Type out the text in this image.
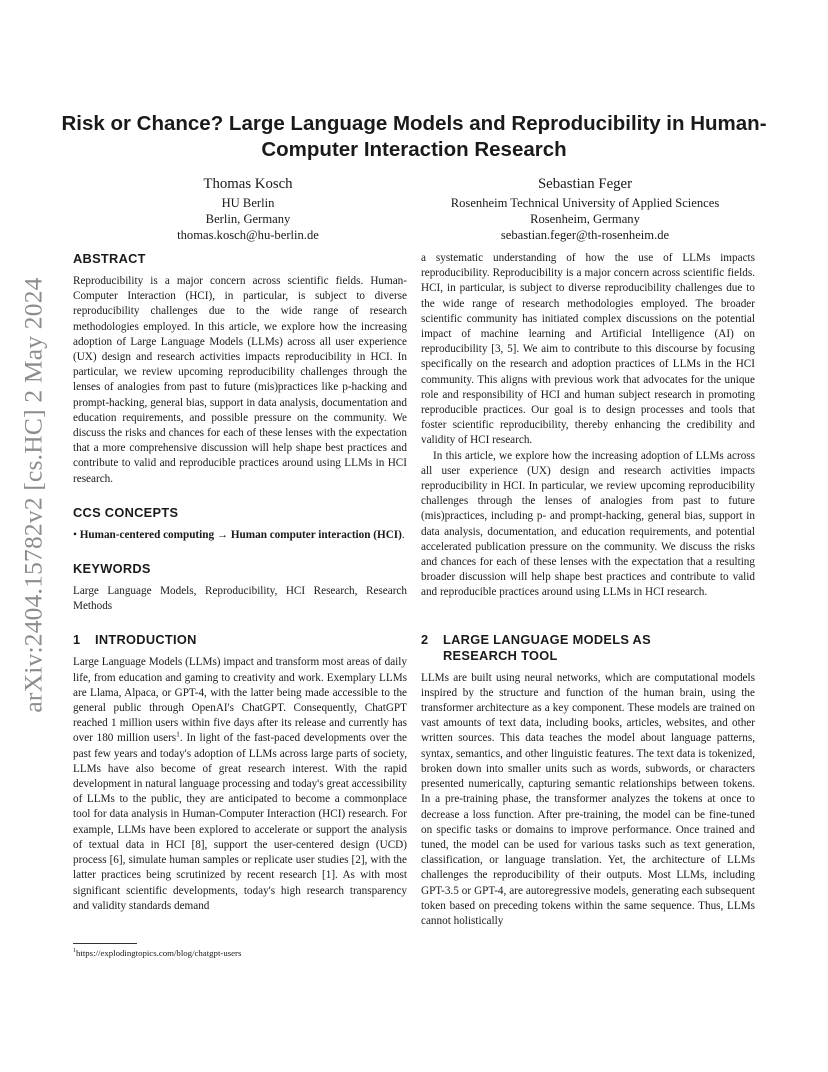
arXiv:2404.15782v2 [cs.HC] 2 May 2024
Risk or Chance? Large Language Models and Reproducibility in Human-Computer Interaction Research
Thomas Kosch
HU Berlin
Berlin, Germany
thomas.kosch@hu-berlin.de
Sebastian Feger
Rosenheim Technical University of Applied Sciences
Rosenheim, Germany
sebastian.feger@th-rosenheim.de
ABSTRACT

Reproducibility is a major concern across scientific fields. Human-Computer Interaction (HCI), in particular, is subject to diverse reproducibility challenges due to the wide range of research methodologies employed. In this article, we explore how the increasing adoption of Large Language Models (LLMs) across all user experience (UX) design and research activities impacts reproducibility in HCI. In particular, we review upcoming reproducibility challenges through the lenses of analogies from past to future (mis)practices like p-hacking and prompt-hacking, general bias, support in data analysis, documentation and education requirements, and possible pressure on the community. We discuss the risks and chances for each of these lenses with the expectation that a more comprehensive discussion will help shape best practices and contribute to valid and reproducible practices around using LLMs in HCI research.

CCS CONCEPTS

• Human-centered computing → Human computer interaction (HCI).

KEYWORDS

Large Language Models, Reproducibility, HCI Research, Research Methods

1 INTRODUCTION

Large Language Models (LLMs) impact and transform most areas of daily life, from education and gaming to creativity and work. Exemplary LLMs are Llama, Alpaca, or GPT-4, with the latter being made accessible to the general public through OpenAI's ChatGPT. Consequently, ChatGPT reached 1 million users within five days after its release and currently has over 180 million users$^1$. In light of the fast-paced developments over the past few years and today's adoption of LLMs across large parts of society, LLMs have also become of great research interest. With the rapid development in natural language processing and today's great accessibility of LLMs to the public, they are anticipated to become a commonplace tool for data analysis in Human-Computer Interaction (HCI) research. For example, LLMs have been explored to accelerate or support the analysis of textual data in HCI [8], support the user-centered design (UCD) process [6], simulate human samples or replicate user studies [2], with the latter practices being scrutinized by recent research [1]. As with most significant scientific developments, today's high research transparency and validity standards demand

a systematic understanding of how the use of LLMs impacts reproducibility. Reproducibility is a major concern across scientific fields. HCI, in particular, is subject to diverse reproducibility challenges due to the wide range of research methodologies employed. The broader scientific community has initiated complex discussions on the potential impact of machine learning and Artificial Intelligence (AI) on reproducibility [3, 5]. We aim to contribute to this discourse by focusing specifically on the research and adoption practices of LLMs in the HCI community. This aligns with previous work that advocates for the unique role and responsibility of HCI and human subject research in promoting reproducible practices. Our goal is to design processes and tools that foster scientific reproducibility, thereby enhancing the credibility and validity of HCI research.

In this article, we explore how the increasing adoption of LLMs across all user experience (UX) design and research activities impacts reproducibility in HCI. In particular, we review upcoming reproducibility challenges through the lenses of analogies from past to future (mis)practices, including p- and prompt-hacking, general bias, support in data analysis, documentation, and education requirements, and potential accelerated publication pressure on the community. We discuss the risks and chances for each of these lenses with the expectation that a resulting broader discussion will help shape best practices and contribute to valid and reproducible practices around using LLMs in HCI research.

2 LARGE LANGUAGE MODELS AS
RESEARCH TOOL

LLMs are built using neural networks, which are computational models inspired by the structure and function of the human brain, using the transformer architecture as a key component. These models are trained on vast amounts of text data, including books, articles, websites, and other written sources. This data teaches the model about language patterns, syntax, semantics, and other linguistic features. The text data is tokenized, broken down into smaller units such as words, subwords, or characters presented numerically, capturing semantic relationships between tokens. In a pre-training phase, the transformer analyzes the tokens at once to decrease a loss function. After pre-training, the model can be fine-tuned on specific tasks or domains to improve performance. Once trained and tuned, the model can be used for various tasks such as text generation, classification, or language translation. Yet, the architecture of LLMs challenges the reproducibility of their outputs. Most LLMs, including GPT-3.5 or GPT-4, are autoregressive models, generating each subsequent token based on preceding tokens within the same sequence. Thus, LLMs cannot holistically

$^1$https://explodingtopics.com/blog/chatgpt-users
